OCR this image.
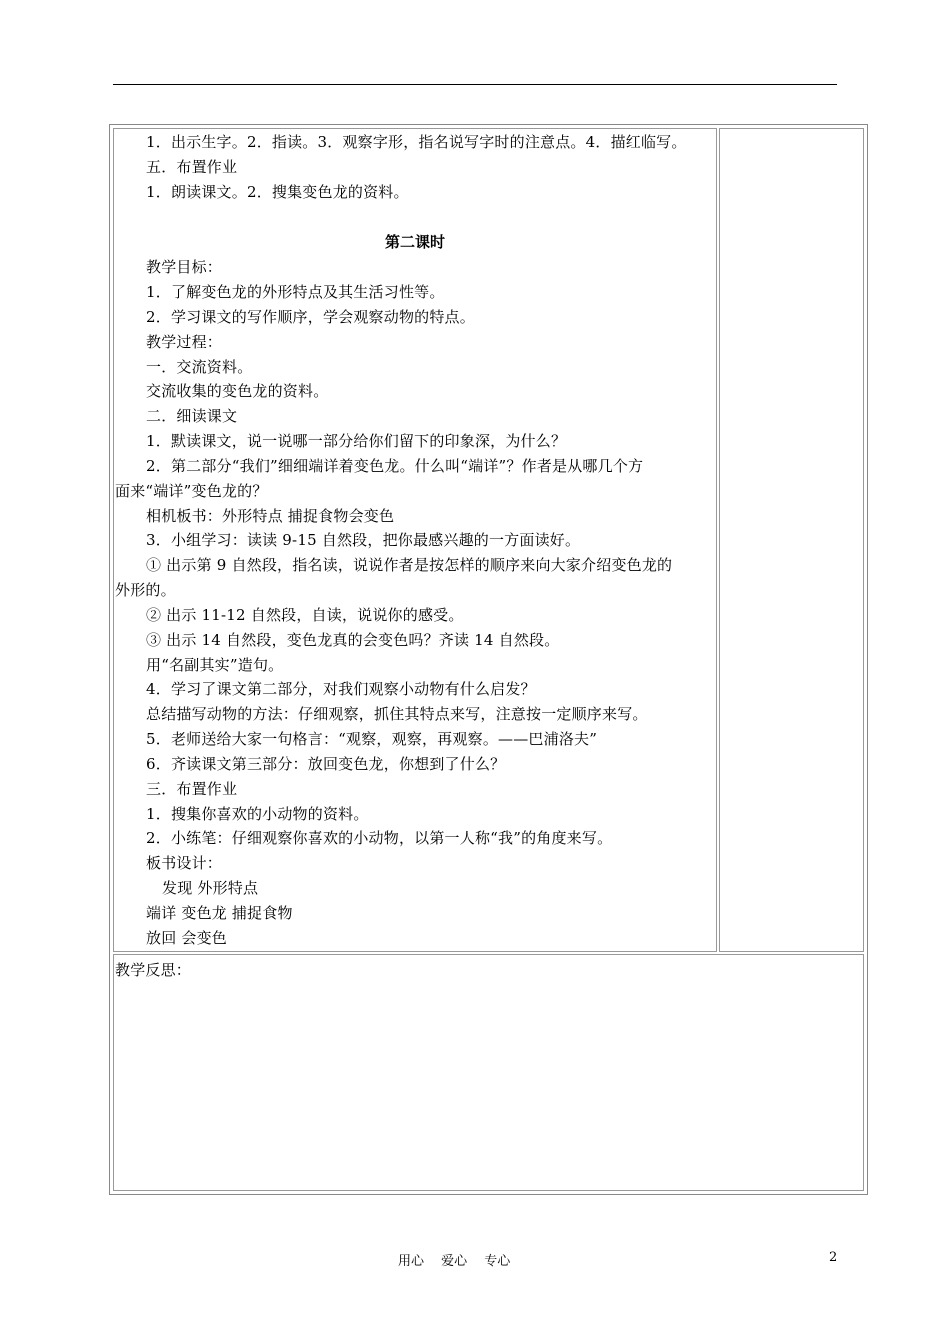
1．出示生字。2．指读。3．观察字形，指名说写字时的注意点。4．描红临写。
五．布置作业
1．朗读课文。2．搜集变色龙的资料。
第二课时
教学目标：
1．了解变色龙的外形特点及其生活习性等。
2．学习课文的写作顺序，学会观察动物的特点。
教学过程：
一．交流资料。
交流收集的变色龙的资料。
二．细读课文
1．默读课文，说一说哪一部分给你们留下的印象深，为什么？
2．第二部分“我们”细细端详着变色龙。什么叫“端详”？作者是从哪几个方
面来“端详”变色龙的？
相机板书：外形特点 捕捉食物会变色
3．小组学习：读读 9-15 自然段，把你最感兴趣的一方面读好。
① 出示第 9 自然段，指名读，说说作者是按怎样的顺序来向大家介绍变色龙的
外形的。
② 出示 11-12 自然段，自读，说说你的感受。
③ 出示 14 自然段，变色龙真的会变色吗？齐读 14 自然段。
用“名副其实”造句。
4．学习了课文第二部分，对我们观察小动物有什么启发？
总结描写动物的方法：仔细观察，抓住其特点来写，注意按一定顺序来写。
5．老师送给大家一句格言：“观察，观察，再观察。——巴浦洛夫”
6．齐读课文第三部分：放回变色龙，你想到了什么？
三．布置作业
1．搜集你喜欢的小动物的资料。
2．小练笔：仔细观察你喜欢的小动物，以第一人称“我”的角度来写。
板书设计：
发现 外形特点
端详 变色龙 捕捉食物
放回 会变色
教学反思：
用心　 爱心　 专心	2
